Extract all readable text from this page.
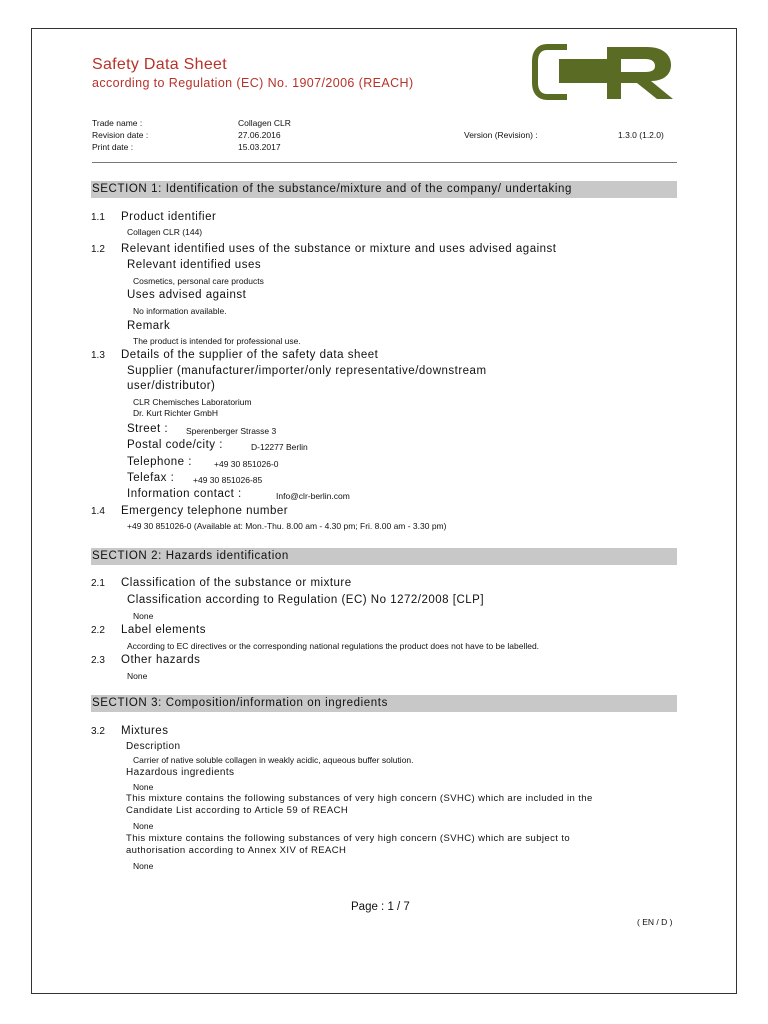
Safety Data Sheet
according to Regulation (EC) No. 1907/2006 (REACH)
Trade name :	Collagen CLR
Revision date :	27.06.2016	Version (Revision) :	1.3.0 (1.2.0)
Print date :	15.03.2017
SECTION 1: Identification of the substance/mixture and of the company/ undertaking
1.1 Product identifier
Collagen CLR (144)
1.2 Relevant identified uses of the substance or mixture and uses advised against
Relevant identified uses
Cosmetics, personal care products
Uses advised against
No information available.
Remark
The product is intended for professional use.
1.3 Details of the supplier of the safety data sheet
Supplier (manufacturer/importer/only representative/downstream
user/distributor)
CLR Chemisches Laboratorium
Dr. Kurt Richter GmbH
Street : Sperenberger Strasse 3
Postal code/city :	D-12277 Berlin
Telephone :	+49 30 851026-0
Telefax : +49 30 851026-85
Information contact :	Info@clr-berlin.com
1.4 Emergency telephone number
+49 30 851026-0 (Available at: Mon.-Thu. 8.00 am - 4.30 pm; Fri. 8.00 am - 3.30 pm)
SECTION 2: Hazards identification
2.1 Classification of the substance or mixture
Classification according to Regulation (EC) No 1272/2008 [CLP]
None
2.2 Label elements
According to EC directives or the corresponding national regulations the product does not have to be labelled.
2.3 Other hazards
None
SECTION 3: Composition/information on ingredients
3.2 Mixtures
Description
Carrier of native soluble collagen in weakly acidic, aqueous buffer solution.
Hazardous ingredients
None
This mixture contains the following substances of very high concern (SVHC) which are included in the
Candidate List according to Article 59 of REACH
None
This mixture contains the following substances of very high concern (SVHC) which are subject to
authorisation according to Annex XIV of REACH
None
Page : 1 / 7
( EN / D )
